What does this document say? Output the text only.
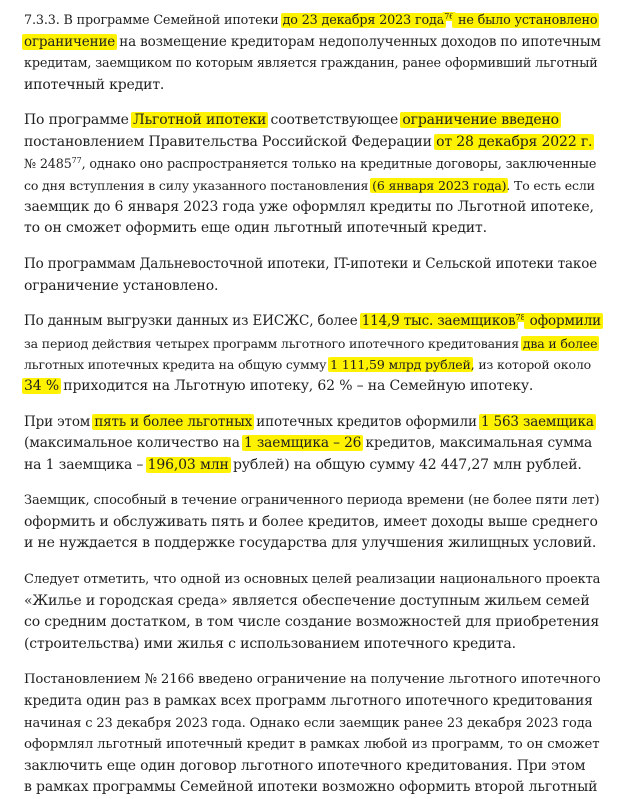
7.3.3. В программе Семейной ипотеки до 23 декабря 2023 года$^{76}$ не было установлено
ограничение на возмещение кредиторам недополученных доходов по ипотечным
кредитам, заемщиком по которым является гражданин, ранее оформивший льготный
ипотечный кредит.

По программе Льготной ипотеки соответствующее ограничение введено
постановлением Правительства Российской Федерации от 28 декабря 2022 г.
№ 2485$^{77}$, однако оно распространяется только на кредитные договоры, заключенные
со дня вступления в силу указанного постановления (6 января 2023 года). То есть если
заемщик до 6 января 2023 года уже оформлял кредиты по Льготной ипотеке,
то он сможет оформить еще один льготный ипотечный кредит.

По программам Дальневосточной ипотеки, IT-ипотеки и Сельской ипотеки такое
ограничение установлено.

По данным выгрузки данных из ЕИСЖС, более 114,9 тыс. заемщиков$^{78}$ оформили
за период действия четырех программ льготного ипотечного кредитования два и более
льготных ипотечных кредита на общую сумму 1 111,59 млрд рублей, из которой около
34 % приходится на Льготную ипотеку, 62 % – на Семейную ипотеку.

При этом пять и более льготных ипотечных кредитов оформили 1 563 заемщика
(максимальное количество на 1 заемщика – 26 кредитов, максимальная сумма
на 1 заемщика – 196,03 млн рублей) на общую сумму 42 447,27 млн рублей.

Заемщик, способный в течение ограниченного периода времени (не более пяти лет)
оформить и обслуживать пять и более кредитов, имеет доходы выше среднего
и не нуждается в поддержке государства для улучшения жилищных условий.

Следует отметить, что одной из основных целей реализации национального проекта
«Жилье и городская среда» является обеспечение доступным жильем семей
со средним достатком, в том числе создание возможностей для приобретения
(строительства) ими жилья с использованием ипотечного кредита.

Постановлением № 2166 введено ограничение на получение льготного ипотечного
кредита один раз в рамках всех программ льготного ипотечного кредитования
начиная с 23 декабря 2023 года. Однако если заемщик ранее 23 декабря 2023 года
оформлял льготный ипотечный кредит в рамках любой из программ, то он сможет
заключить еще один договор льготного ипотечного кредитования. При этом
в рамках программы Семейной ипотеки возможно оформить второй льготный
